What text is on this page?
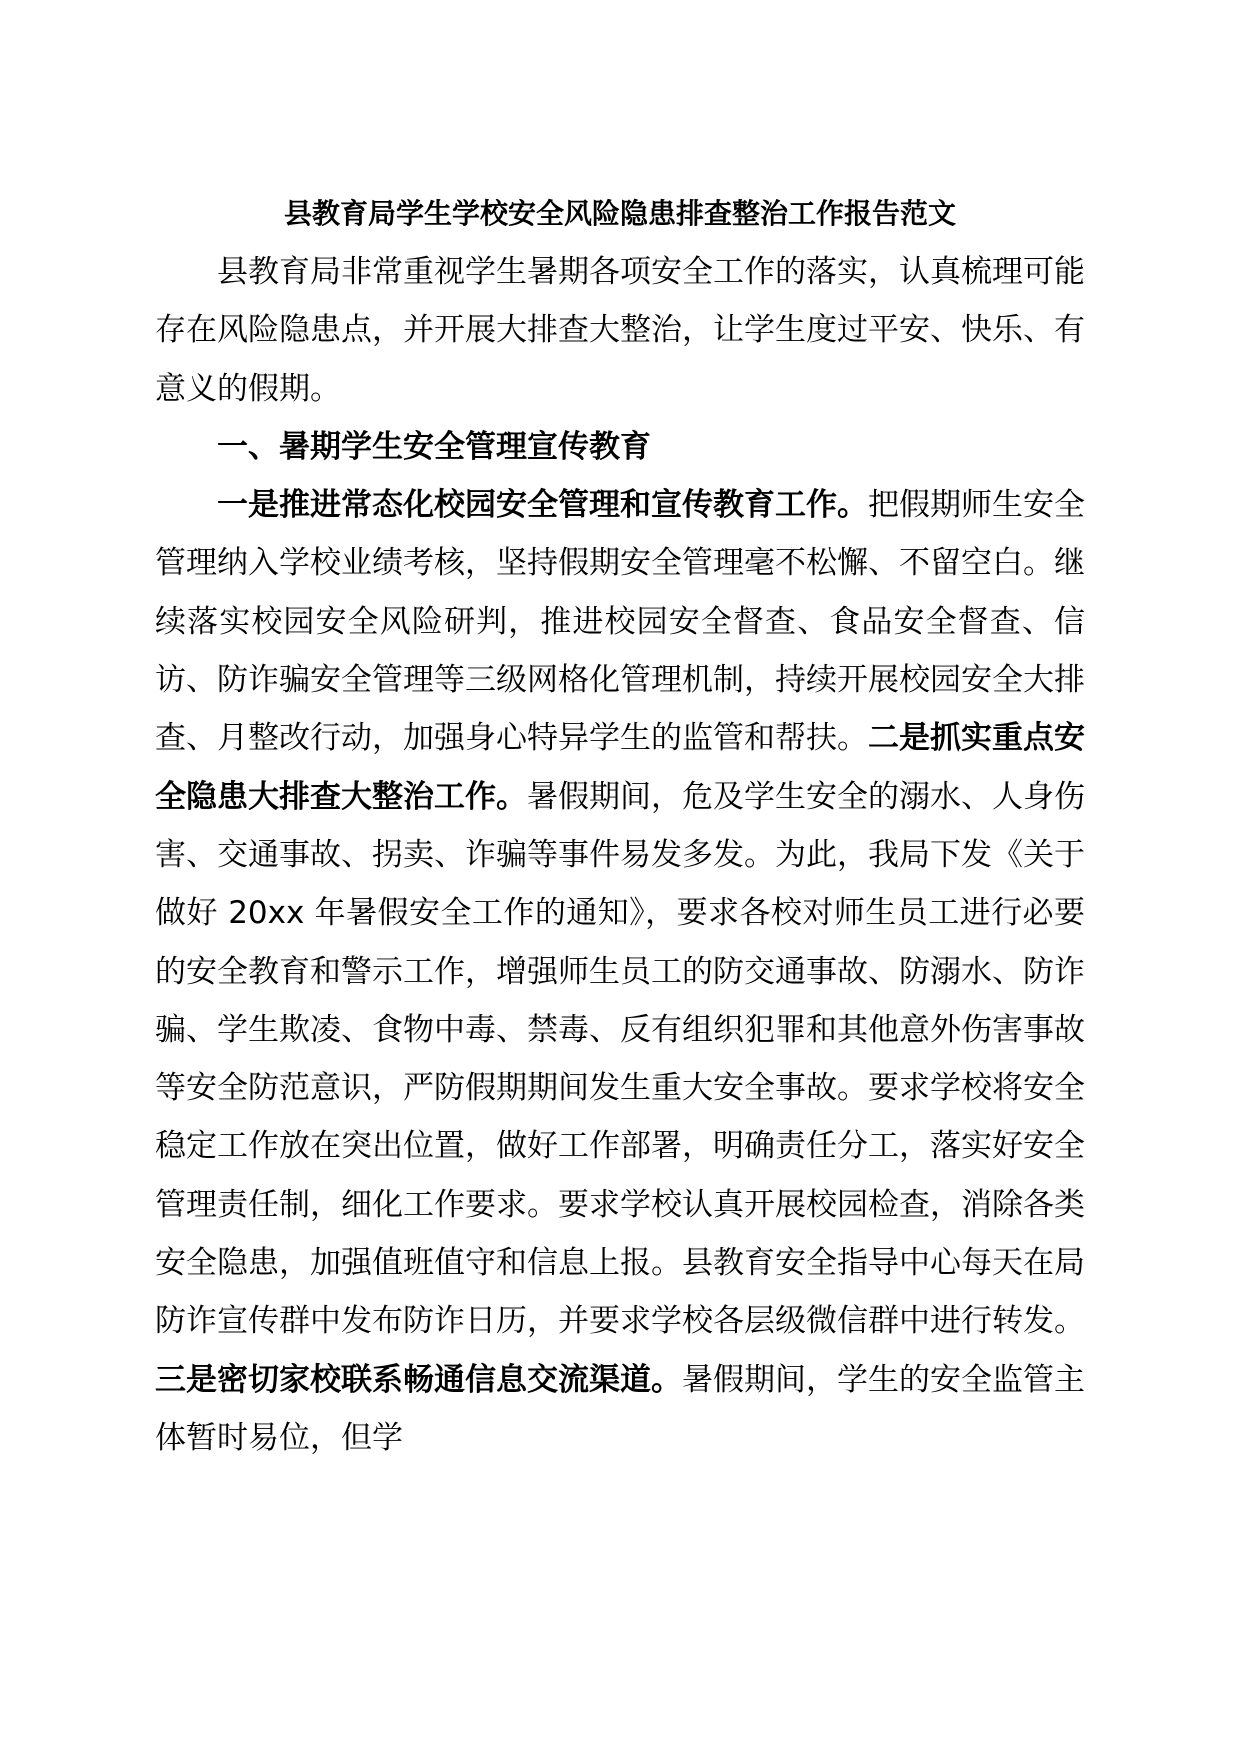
县教育局学生学校安全风险隐患排查整治工作报告范文

县教育局非常重视学生暑期各项安全工作的落实，认真梳理可能存在风险隐患点，并开展大排查大整治，让学生度过平安、快乐、有意义的假期。

一、暑期学生安全管理宣传教育

一是推进常态化校园安全管理和宣传教育工作。把假期师生安全管理纳入学校业绩考核，坚持假期安全管理毫不松懈、不留空白。继续落实校园安全风险研判，推进校园安全督查、食品安全督查、信访、防诈骗安全管理等三级网格化管理机制，持续开展校园安全大排查、月整改行动，加强身心特异学生的监管和帮扶。二是抓实重点安全隐患大排查大整治工作。暑假期间，危及学生安全的溺水、人身伤害、交通事故、拐卖、诈骗等事件易发多发。为此，我局下发《关于做好 20xx 年暑假安全工作的通知》，要求各校对师生员工进行必要的安全教育和警示工作，增强师生员工的防交通事故、防溺水、防诈骗、学生欺凌、食物中毒、禁毒、反有组织犯罪和其他意外伤害事故等安全防范意识，严防假期期间发生重大安全事故。要求学校将安全稳定工作放在突出位置，做好工作部署，明确责任分工，落实好安全管理责任制，细化工作要求。要求学校认真开展校园检查，消除各类安全隐患，加强值班值守和信息上报。县教育安全指导中心每天在局防诈宣传群中发布防诈日历，并要求学校各层级微信群中进行转发。三是密切家校联系畅通信息交流渠道。暑假期间，学生的安全监管主体暂时易位，但学
